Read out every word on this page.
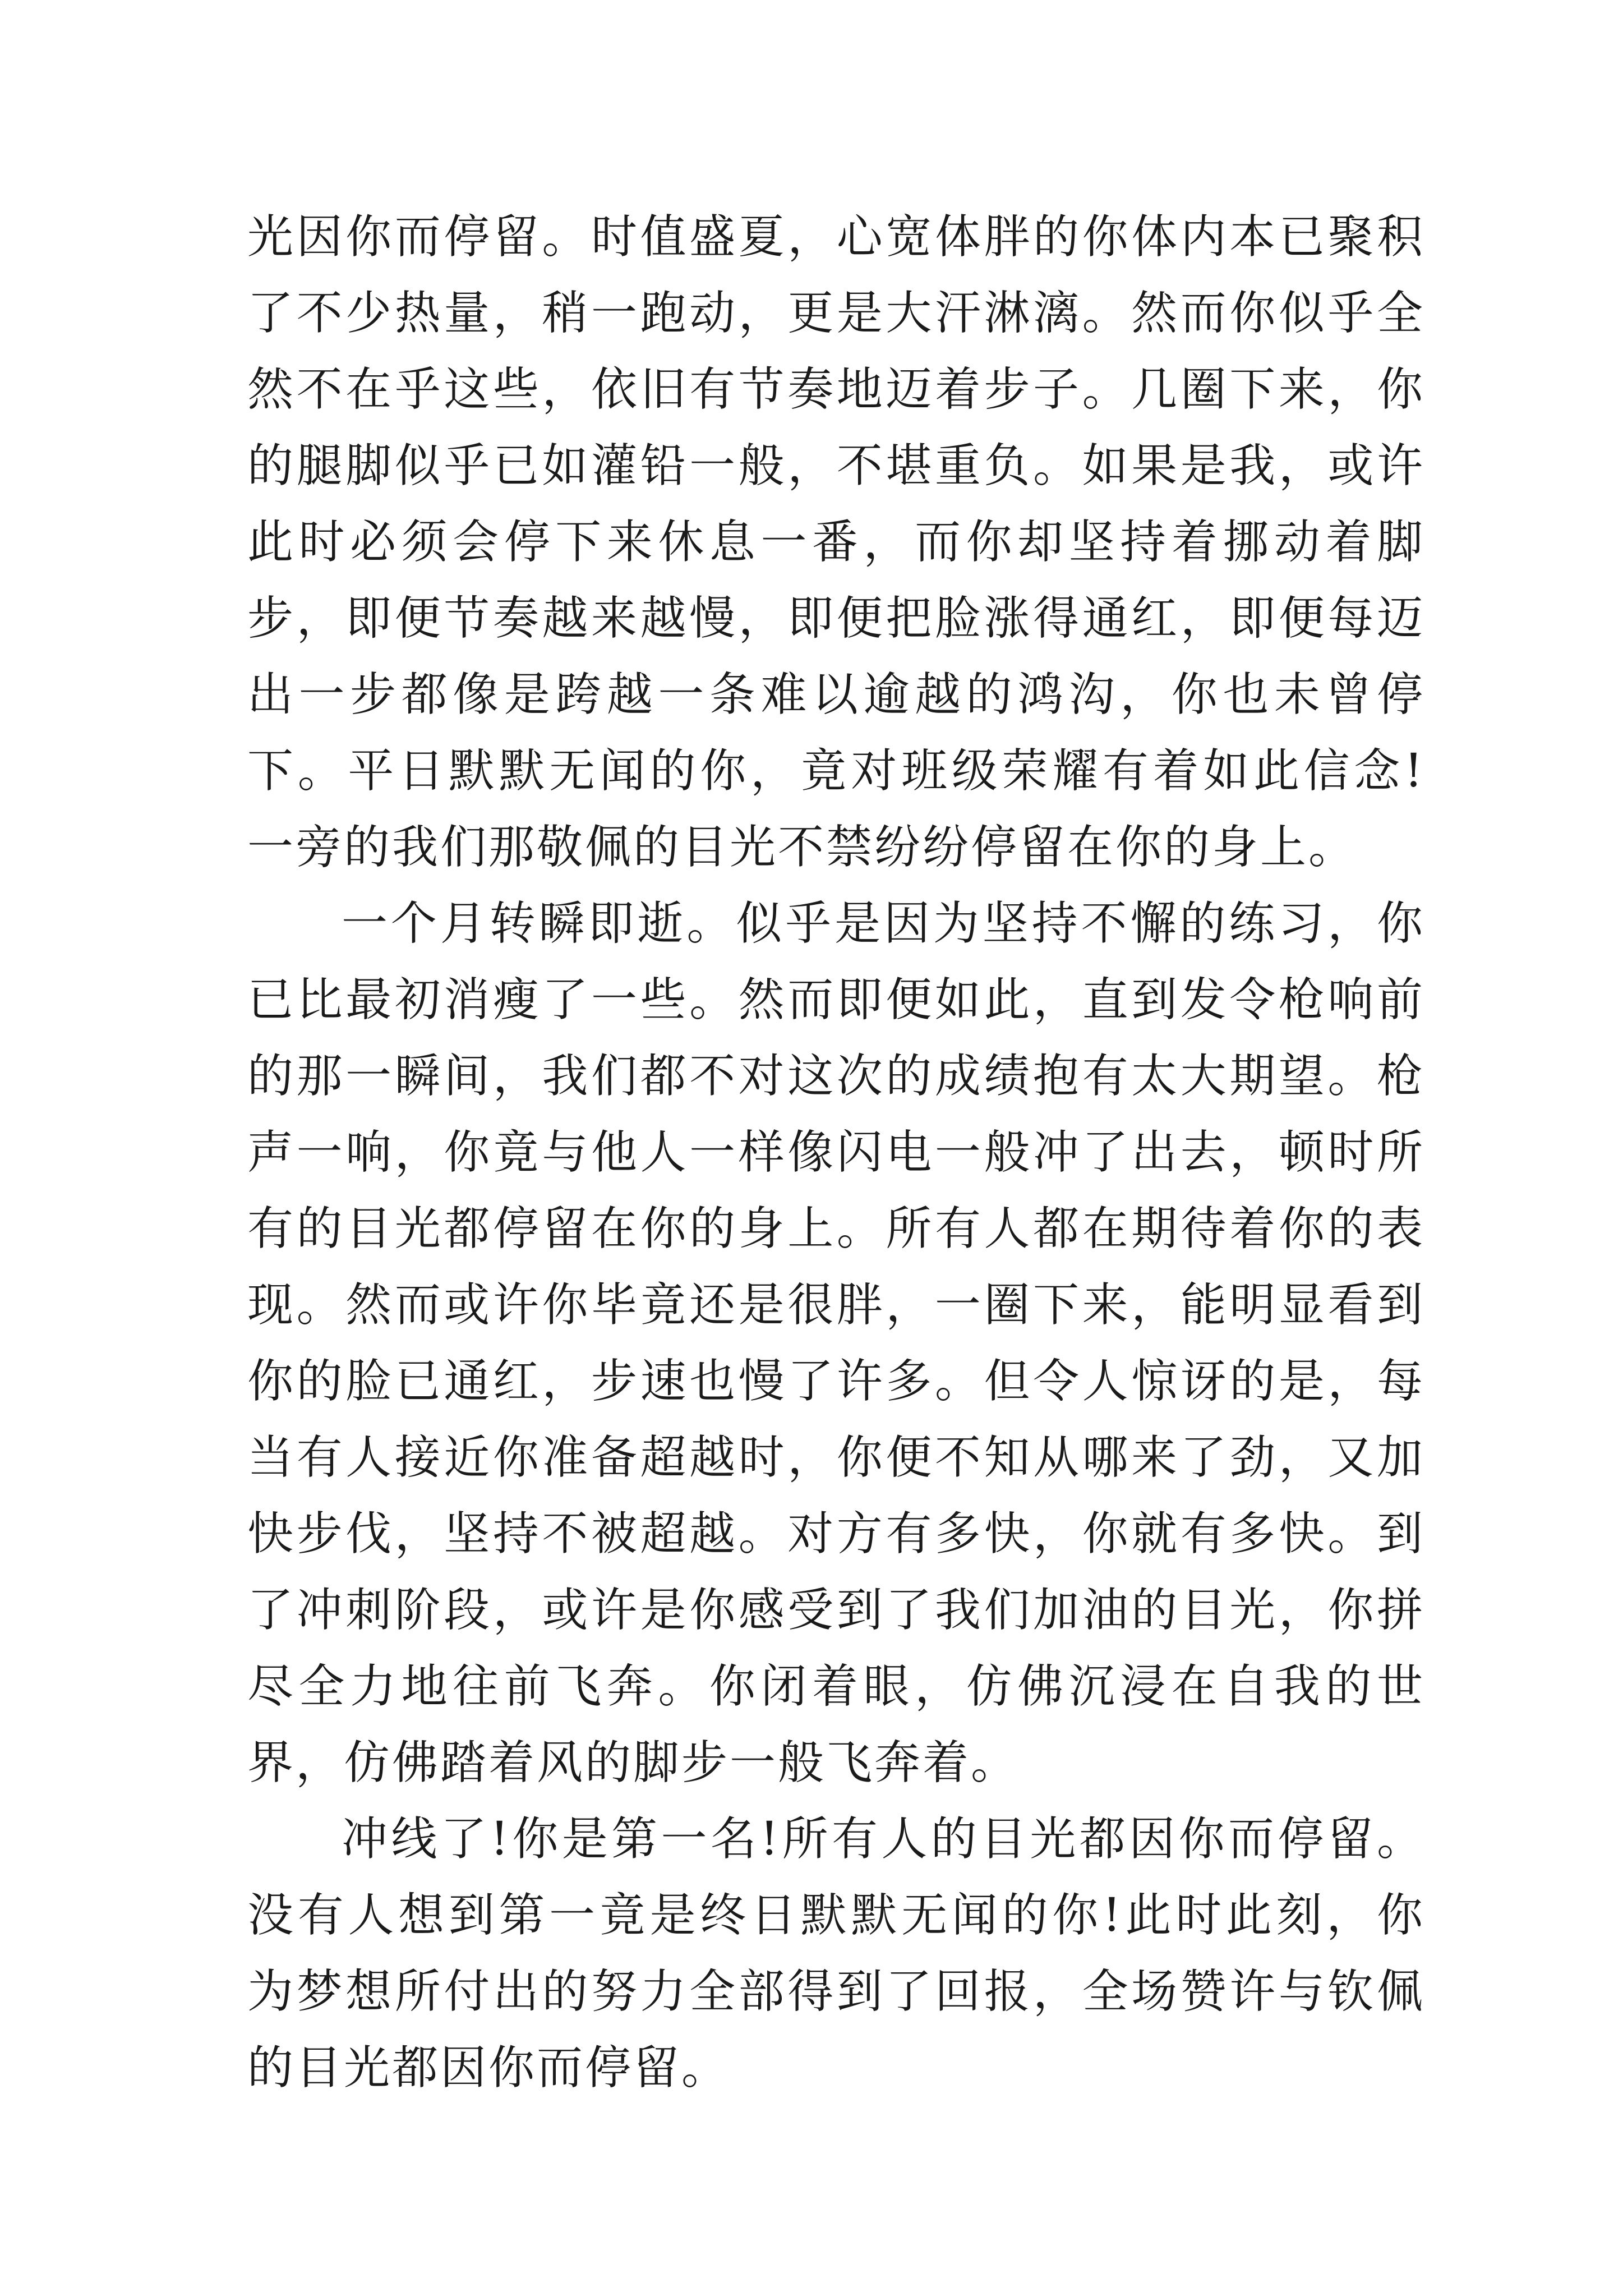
光因你而停留。时值盛夏，心宽体胖的你体内本已聚积了不少热量，稍一跑动，更是大汗淋漓。然而你似乎全然不在乎这些，依旧有节奏地迈着步子。几圈下来，你的腿脚似乎已如灌铅一般，不堪重负。如果是我，或许此时必须会停下来休息一番，而你却坚持着挪动着脚步，即便节奏越来越慢，即便把脸涨得通红，即便每迈出一步都像是跨越一条难以逾越的鸿沟，你也未曾停下。平日默默无闻的你，竟对班级荣耀有着如此信念!一旁的我们那敬佩的目光不禁纷纷停留在你的身上。

一个月转瞬即逝。似乎是因为坚持不懈的练习，你已比最初消瘦了一些。然而即便如此，直到发令枪响前的那一瞬间，我们都不对这次的成绩抱有太大期望。枪声一响，你竟与他人一样像闪电一般冲了出去，顿时所有的目光都停留在你的身上。所有人都在期待着你的表现。然而或许你毕竟还是很胖，一圈下来，能明显看到你的脸已通红，步速也慢了许多。但令人惊讶的是，每当有人接近你准备超越时，你便不知从哪来了劲，又加快步伐，坚持不被超越。对方有多快，你就有多快。到了冲刺阶段，或许是你感受到了我们加油的目光，你拼尽全力地往前飞奔。你闭着眼，仿佛沉浸在自我的世界，仿佛踏着风的脚步一般飞奔着。

冲线了!你是第一名!所有人的目光都因你而停留。没有人想到第一竟是终日默默无闻的你!此时此刻，你为梦想所付出的努力全部得到了回报，全场赞许与钦佩的目光都因你而停留。
